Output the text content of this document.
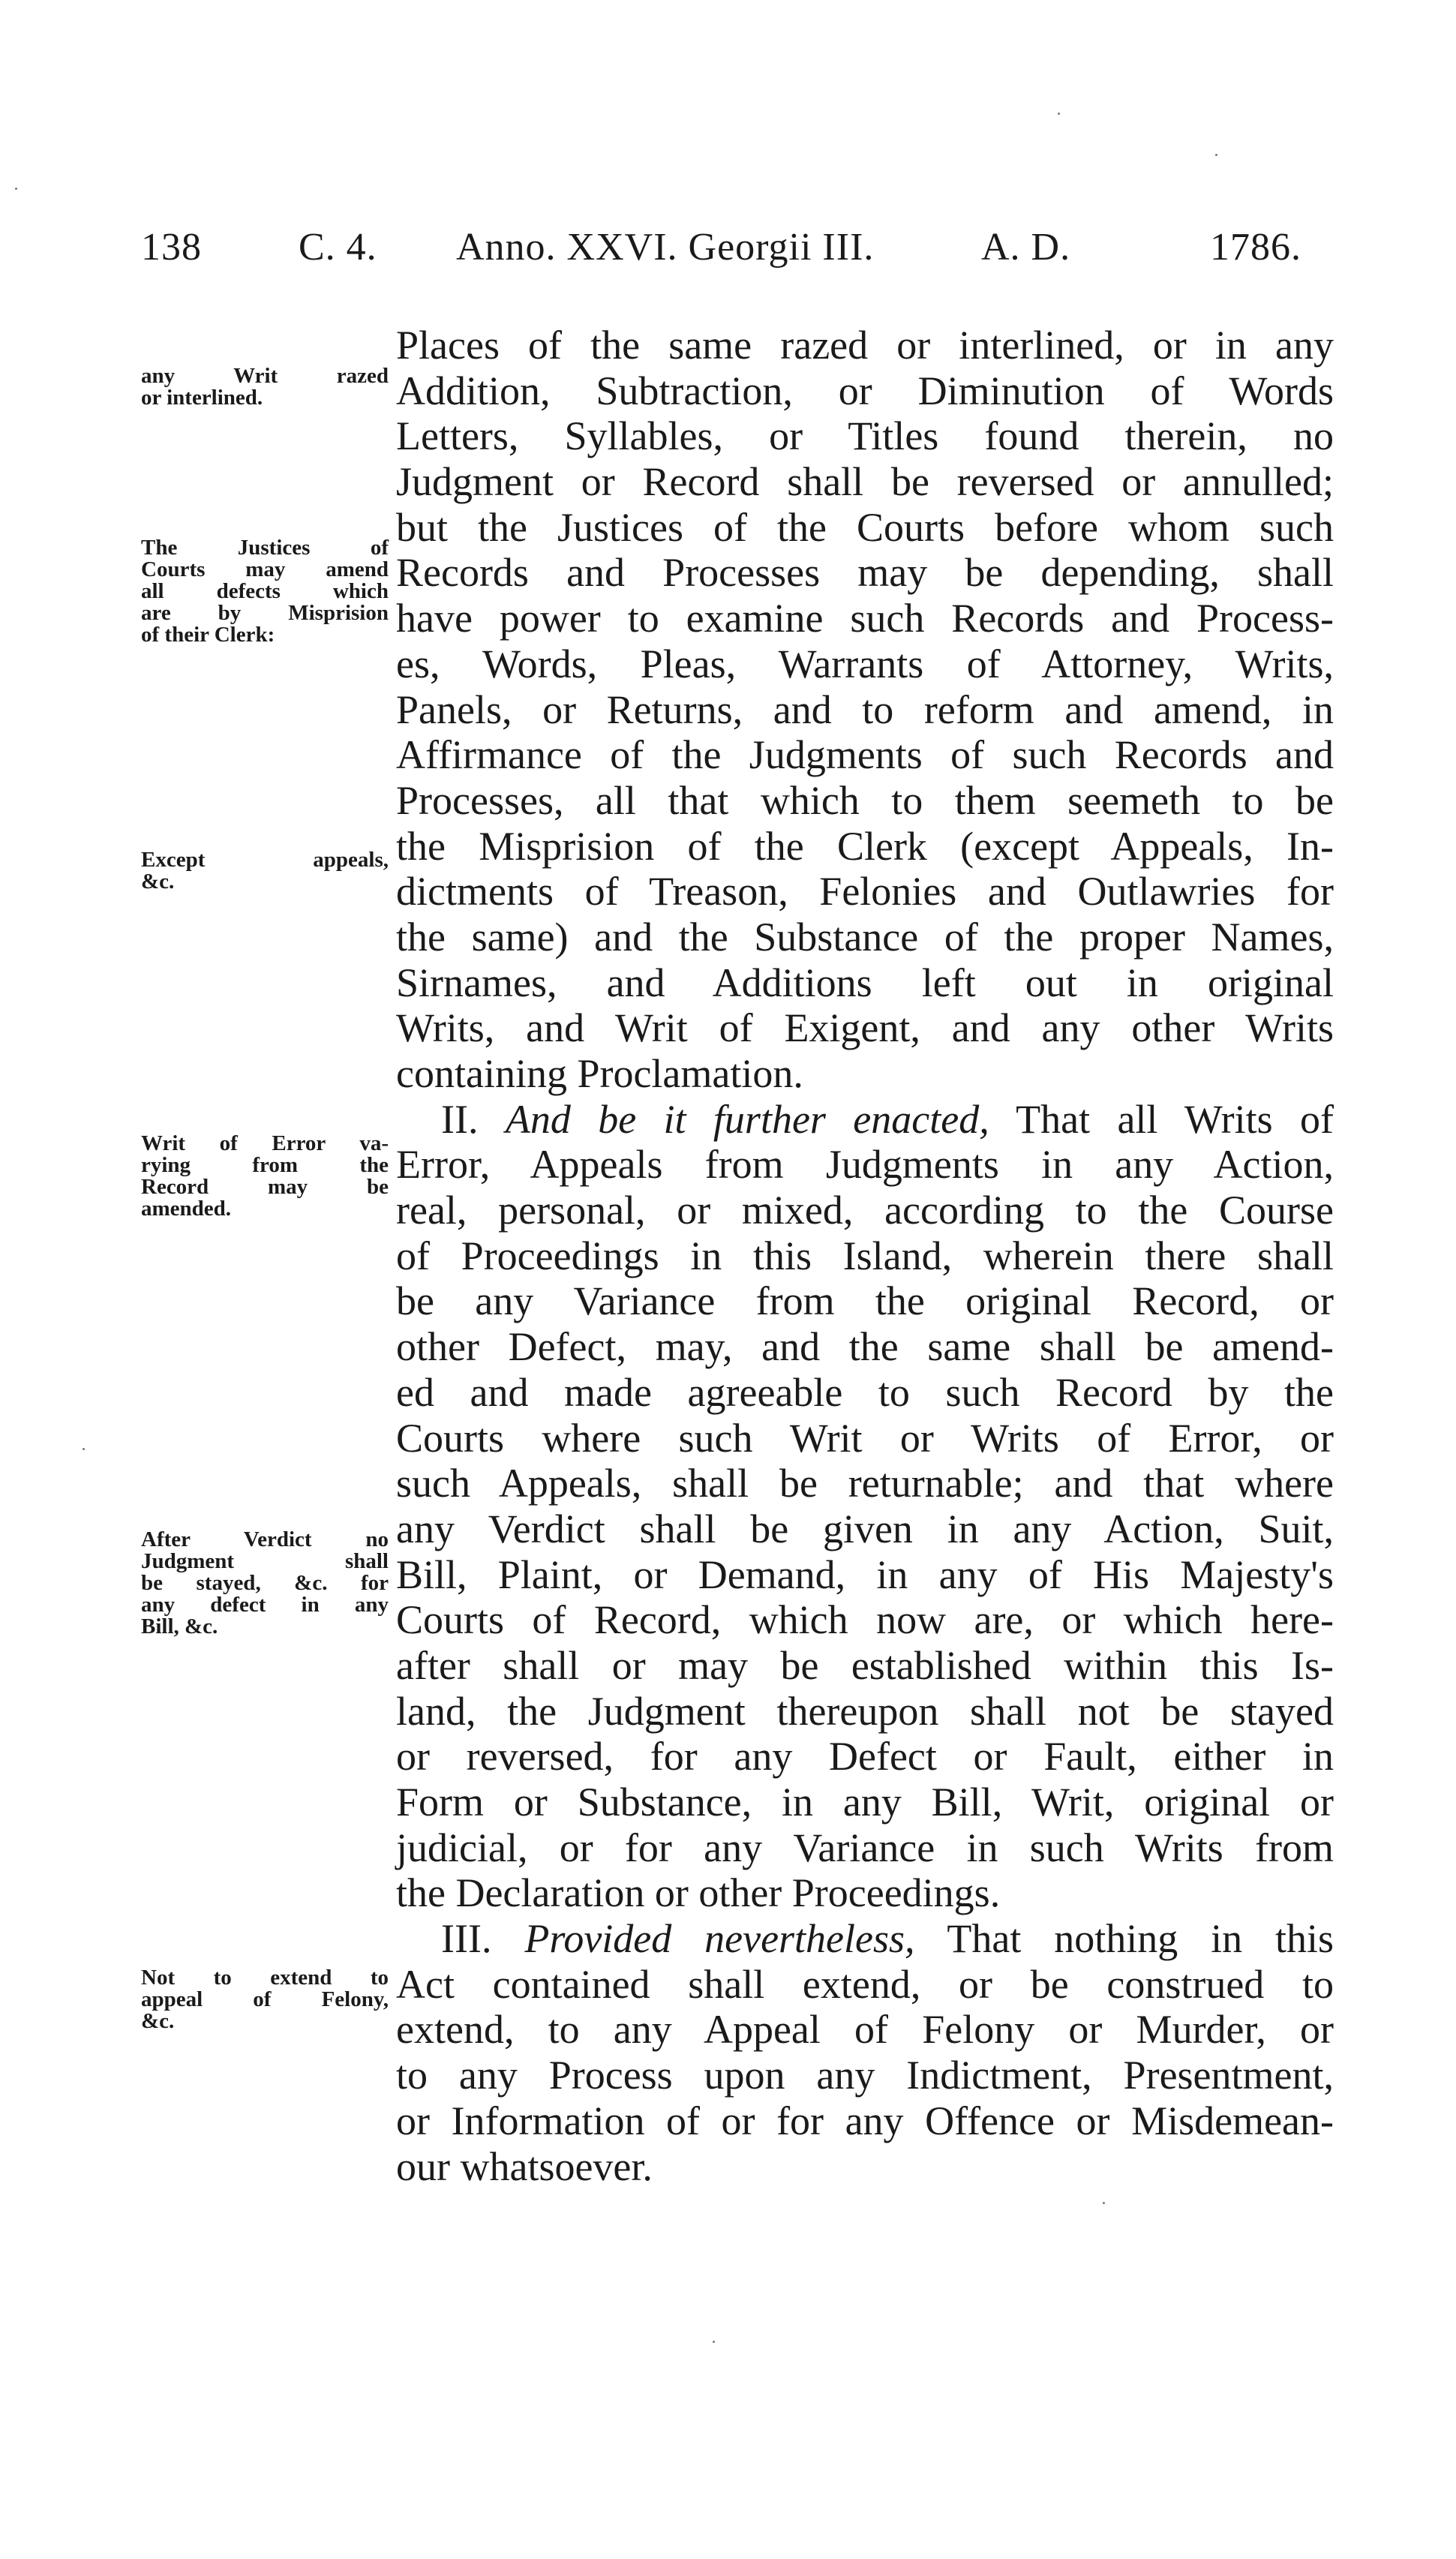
138 C. 4. Anno. XXVI. Georgii III.	A. D.	1786.
any Writ razed
or interlined.
The Justices of
Courts may amend
all defects which
are by Misprision
of their Clerk:
Except appeals,
&c.
Writ of Error va-
rying from the
Record may be
amended.
After Verdict no
Judgment shall
be stayed, &c. for
any defect in any
Bill, &c.
Not to extend to
appeal of Felony,
&c.
Places of the same razed or interlined, or in any
Addition, Subtraction, or Diminution of Words
Letters, Syllables, or Titles found therein, no
Judgment or Record shall be reversed or annulled;
but the Justices of the Courts before whom such
Records and Processes may be depending, shall
have power to examine such Records and Process-
es, Words, Pleas, Warrants of Attorney, Writs,
Panels, or Returns, and to reform and amend, in
Affirmance of the Judgments of such Records and
Processes, all that which to them seemeth to be
the Misprision of the Clerk (except Appeals, In-
dictments of Treason, Felonies and Outlawries for
the same) and the Substance of the proper Names,
Sirnames, and Additions left out in original
Writs, and Writ of Exigent, and any other Writs
containing Proclamation.
II. And be it further enacted, That all Writs of
Error, Appeals from Judgments in any Action,
real, personal, or mixed, according to the Course
of Proceedings in this Island, wherein there shall
be any Variance from the original Record, or
other Defect, may, and the same shall be amend-
ed and made agreeable to such Record by the
Courts where such Writ or Writs of Error, or
such Appeals, shall be returnable; and that where
any Verdict shall be given in any Action, Suit,
Bill, Plaint, or Demand, in any of His Majesty's
Courts of Record, which now are, or which here-
after shall or may be established within this Is-
land, the Judgment thereupon shall not be stayed
or reversed, for any Defect or Fault, either in
Form or Substance, in any Bill, Writ, original or
judicial, or for any Variance in such Writs from
the Declaration or other Proceedings.
III. Provided nevertheless, That nothing in this
Act contained shall extend, or be construed to
extend, to any Appeal of Felony or Murder, or
to any Process upon any Indictment, Presentment,
or Information of or for any Offence or Misdemean-
our whatsoever.
